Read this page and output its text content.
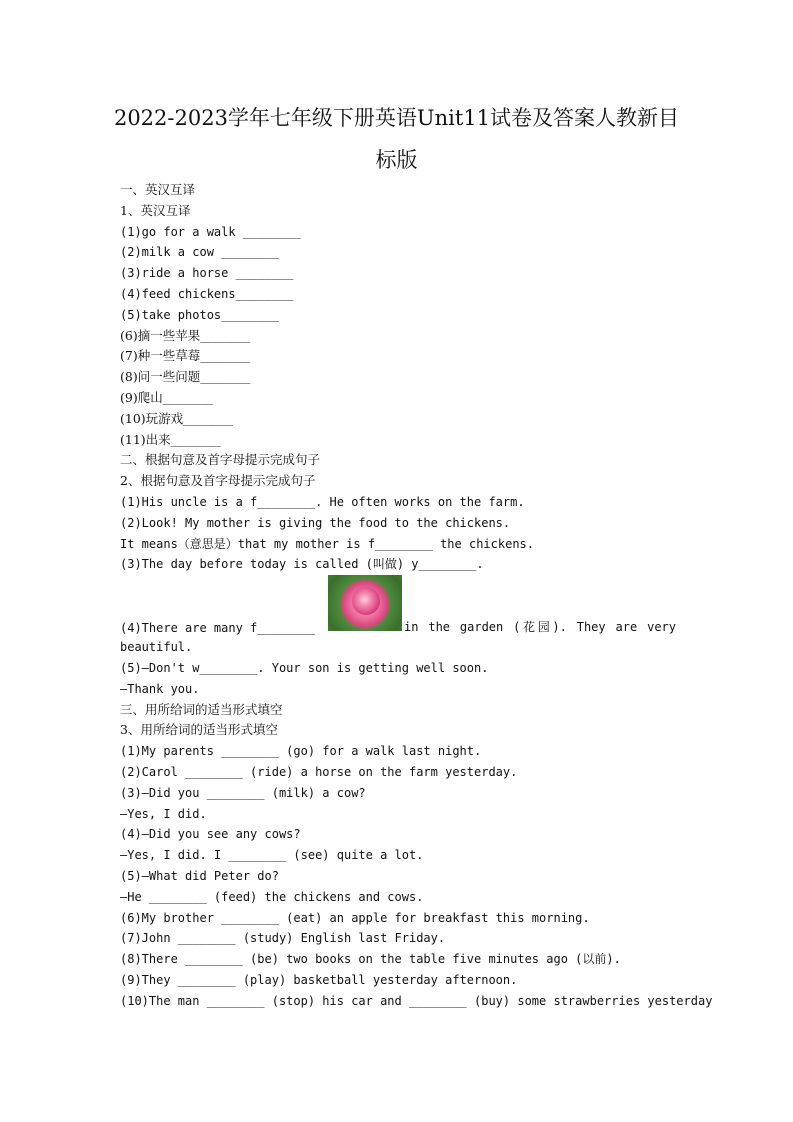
2022-2023学年七年级下册英语Unit11试卷及答案人教新目
标版
一、英汉互译
1、英汉互译
(1)go for a walk ________
(2)milk a cow ________
(3)ride a horse ________
(4)feed chickens________
(5)take photos________
(6)摘一些苹果________
(7)种一些草莓________
(8)问一些问题________
(9)爬山________
(10)玩游戏________
(11)出来________
二、根据句意及首字母提示完成句子
2、根据句意及首字母提示完成句子
(1)His uncle is a f________. He often works on the farm.
(2)Look! My mother is giving the food to the chickens.
It means（意思是）that my mother is f________ the chickens.
(3)The day before today is called (叫做) y________.
(4)There are many f________	in the garden (花园). They are very
beautiful.
(5)—Don't w________. Your son is getting well soon.
—Thank you.
三、用所给词的适当形式填空
3、用所给词的适当形式填空
(1)My parents ________ (go) for a walk last night.
(2)Carol ________ (ride) a horse on the farm yesterday.
(3)—Did you ________ (milk) a cow?
—Yes, I did.
(4)—Did you see any cows?
—Yes, I did. I ________ (see) quite a lot.
(5)—What did Peter do?
—He ________ (feed) the chickens and cows.
(6)My brother ________ (eat) an apple for breakfast this morning.
(7)John ________ (study) English last Friday.
(8)There ________ (be) two books on the table five minutes ago (以前).
(9)They ________ (play) basketball yesterday afternoon.
(10)The man ________ (stop) his car and ________ (buy) some strawberries yesterday
